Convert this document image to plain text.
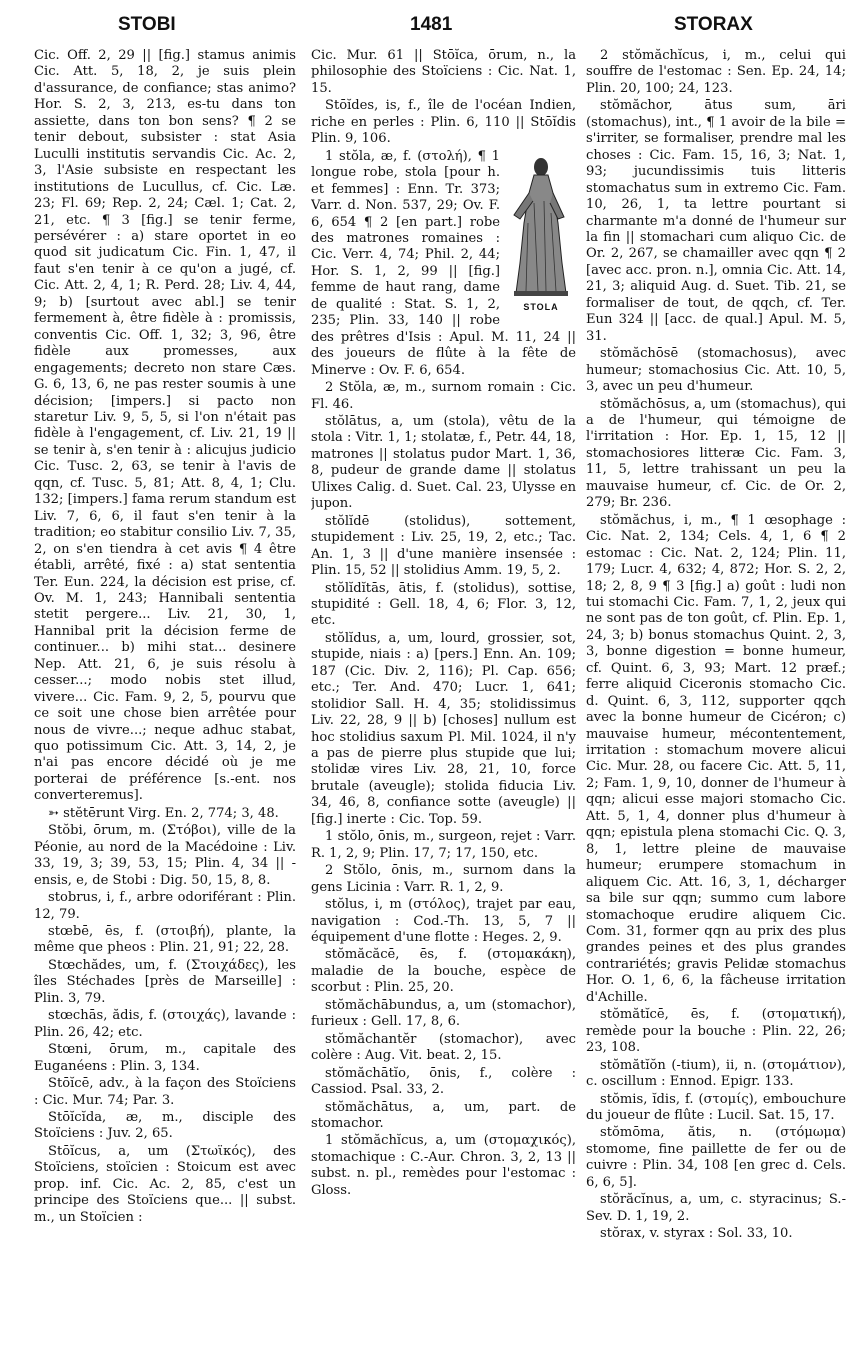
STOBI	1481	STORAX

Cic. Off. 2, 29 || [fig.] stamus animis Cic. Att. 5, 18, 2, je suis plein d'assurance, de confiance; stas animo? Hor. S. 2, 3, 213, es-tu dans ton assiette, dans ton bon sens? ¶ 2 se tenir debout, subsister : stat Asia Luculli institutis servandis Cic. Ac. 2, 3, l'Asie subsiste en respectant les institutions de Lucullus, cf. Cic. Læ. 23; Fl. 69; Rep. 2, 24; Cæl. 1; Cat. 2, 21, etc. ¶ 3 [fig.] se tenir ferme, persévérer : a) stare oportet in eo quod sit judicatum Cic. Fin. 1, 47, il faut s'en tenir à ce qu'on a jugé, cf. Cic. Att. 2, 4, 1; R. Perd. 28; Liv. 4, 44, 9; b) [surtout avec abl.] se tenir fermement à, être fidèle à : promissis, conventis Cic. Off. 1, 32; 3, 96, être fidèle aux promesses, aux engagements; decreto non stare Cæs. G. 6, 13, 6, ne pas rester soumis à une décision; [impers.] si pacto non staretur Liv. 9, 5, 5, si l'on n'était pas fidèle à l'engagement, cf. Liv. 21, 19 || se tenir à, s'en tenir à : alicujus judicio Cic. Tusc. 2, 63, se tenir à l'avis de qqn, cf. Tusc. 5, 81; Att. 8, 4, 1; Clu. 132; [impers.] fama rerum standum est Liv. 7, 6, 6, il faut s'en tenir à la tradition; eo stabitur consilio Liv. 7, 35, 2, on s'en tiendra à cet avis ¶ 4 être établi, arrêté, fixé : a) stat sententia Ter. Eun. 224, la décision est prise, cf. Ov. M. 1, 243; Hannibali sententia stetit pergere... Liv. 21, 30, 1, Hannibal prit la décision ferme de continuer... b) mihi stat... desinere Nep. Att. 21, 6, je suis résolu à cesser...; modo nobis stet illud, vivere... Cic. Fam. 9, 2, 5, pourvu que ce soit une chose bien arrêtée pour nous de vivre...; neque adhuc stabat, quo potissimum Cic. Att. 3, 14, 2, je n'ai pas encore décidé où je me porterai de préférence [s.-ent. nos converteremus].

➳ stĕtērunt Virg. En. 2, 774; 3, 48.

Stŏbi, ōrum, m. (Στόβοι), ville de la Péonie, au nord de la Macédoine : Liv. 33, 19, 3; 39, 53, 15; Plin. 4, 34 || -ensis, e, de Stobi : Dig. 50, 15, 8, 8.

stobrus, i, f., arbre odoriférant : Plin. 12, 79.

stœbē, ēs, f. (στοιβή), plante, la même que pheos : Plin. 21, 91; 22, 28.

Stœchădes, um, f. (Στοιχάδες), les îles Stéchades [près de Marseille] : Plin. 3, 79.

stœchās, ădis, f. (στοιχάς), lavande : Plin. 26, 42; etc.

Stœni, ōrum, m., capitale des Euganéens : Plin. 3, 134.

Stōĭcē, adv., à la façon des Stoïciens : Cic. Mur. 74; Par. 3.

Stōĭcĭda, æ, m., disciple des Stoïciens : Juv. 2, 65.

Stōĭcus, a, um (Στωϊκός), des Stoïciens, stoïcien : Stoicum est avec prop. inf. Cic. Ac. 2, 85, c'est un principe des Stoïciens que... || subst. m., un Stoïcien :

Cic. Mur. 61 || Stōĭca, ōrum, n., la philosophie des Stoïciens : Cic. Nat. 1, 15.

Stōĭdes, is, f., île de l'océan Indien, riche en perles : Plin. 6, 110 || Stōĭdis Plin. 9, 106.

STOLA

1 stŏla, æ, f. (στολή), ¶ 1 longue robe, stola [pour h. et femmes] : Enn. Tr. 373; Varr. d. Non. 537, 29; Ov. F. 6, 654 ¶ 2 [en part.] robe des matrones romaines : Cic. Verr. 4, 74; Phil. 2, 44; Hor. S. 1, 2, 99 || [fig.] femme de haut rang, dame de qualité : Stat. S. 1, 2, 235; Plin. 33, 140 || robe des prêtres d'Isis : Apul. M. 11, 24 || des joueurs de flûte à la fête de Minerve : Ov. F. 6, 654.

2 Stŏla, æ, m., surnom romain : Cic. Fl. 46.

stŏlātus, a, um (stola), vêtu de la stola : Vitr. 1, 1; stolatæ, f., Petr. 44, 18, matrones || stolatus pudor Mart. 1, 36, 8, pudeur de grande dame || stolatus Ulixes Calig. d. Suet. Cal. 23, Ulysse en jupon.

stŏlĭdē (stolidus), sottement, stupidement : Liv. 25, 19, 2, etc.; Tac. An. 1, 3 || d'une manière insensée : Plin. 15, 52 || stolidius Amm. 19, 5, 2.

stŏlĭdĭtās, ātis, f. (stolidus), sottise, stupidité : Gell. 18, 4, 6; Flor. 3, 12, etc.

stŏlĭdus, a, um, lourd, grossier, sot, stupide, niais : a) [pers.] Enn. An. 109; 187 (Cic. Div. 2, 116); Pl. Cap. 656; etc.; Ter. And. 470; Lucr. 1, 641; stolidior Sall. H. 4, 35; stolidissimus Liv. 22, 28, 9 || b) [choses] nullum est hoc stolidius saxum Pl. Mil. 1024, il n'y a pas de pierre plus stupide que lui; stolidæ vires Liv. 28, 21, 10, force brutale (aveugle); stolida fiducia Liv. 34, 46, 8, confiance sotte (aveugle) || [fig.] inerte : Cic. Top. 59.

1 stŏlo, ōnis, m., surgeon, rejet : Varr. R. 1, 2, 9; Plin. 17, 7; 17, 150, etc.

2 Stŏlo, ōnis, m., surnom dans la gens Licinia : Varr. R. 1, 2, 9.

stŏlus, i, m (στόλος), trajet par eau, navigation : Cod.-Th. 13, 5, 7 || équipement d'une flotte : Heges. 2, 9.

stŏmăcăcē, ēs, f. (στομακάκη), maladie de la bouche, espèce de scorbut : Plin. 25, 20.

stŏmăchābundus, a, um (stomachor), furieux : Gell. 17, 8, 6.

stŏmăchantĕr (stomachor), avec colère : Aug. Vit. beat. 2, 15.

stŏmăchātĭo, ōnis, f., colère : Cassiod. Psal. 33, 2.

stŏmăchātus, a, um, part. de stomachor.

1 stŏmăchĭcus, a, um (στομαχικός), stomachique : C.-Aur. Chron. 3, 2, 13 || subst. n. pl., remèdes pour l'estomac : Gloss.

2 stŏmăchĭcus, i, m., celui qui souffre de l'estomac : Sen. Ep. 24, 14; Plin. 20, 100; 24, 123.

stŏmăchor, ātus sum, āri (stomachus), int., ¶ 1 avoir de la bile = s'irriter, se formaliser, prendre mal les choses : Cic. Fam. 15, 16, 3; Nat. 1, 93; jucundissimis tuis litteris stomachatus sum in extremo Cic. Fam. 10, 26, 1, ta lettre pourtant si charmante m'a donné de l'humeur sur la fin || stomachari cum aliquo Cic. de Or. 2, 267, se chamailler avec qqn ¶ 2 [avec acc. pron. n.], omnia Cic. Att. 14, 21, 3; aliquid Aug. d. Suet. Tib. 21, se formaliser de tout, de qqch, cf. Ter. Eun 324 || [acc. de qual.] Apul. M. 5, 31.

stŏmăchōsē (stomachosus), avec humeur; stomachosius Cic. Att. 10, 5, 3, avec un peu d'humeur.

stŏmăchōsus, a, um (stomachus), qui a de l'humeur, qui témoigne de l'irritation : Hor. Ep. 1, 15, 12 || stomachosiores litteræ Cic. Fam. 3, 11, 5, lettre trahissant un peu la mauvaise humeur, cf. Cic. de Or. 2, 279; Br. 236.

stŏmăchus, i, m., ¶ 1 œsophage : Cic. Nat. 2, 134; Cels. 4, 1, 6 ¶ 2 estomac : Cic. Nat. 2, 124; Plin. 11, 179; Lucr. 4, 632; 4, 872; Hor. S. 2, 2, 18; 2, 8, 9 ¶ 3 [fig.] a) goût : ludi non tui stomachi Cic. Fam. 7, 1, 2, jeux qui ne sont pas de ton goût, cf. Plin. Ep. 1, 24, 3; b) bonus stomachus Quint. 2, 3, 3, bonne digestion = bonne humeur, cf. Quint. 6, 3, 93; Mart. 12 præf.; ferre aliquid Ciceronis stomacho Cic. d. Quint. 6, 3, 112, supporter qqch avec la bonne humeur de Cicéron; c) mauvaise humeur, mécontentement, irritation : stomachum movere alicui Cic. Mur. 28, ou facere Cic. Att. 5, 11, 2; Fam. 1, 9, 10, donner de l'humeur à qqn; alicui esse majori stomacho Cic. Att. 5, 1, 4, donner plus d'humeur à qqn; epistula plena stomachi Cic. Q. 3, 8, 1, lettre pleine de mauvaise humeur; erumpere stomachum in aliquem Cic. Att. 16, 3, 1, décharger sa bile sur qqn; summo cum labore stomachoque erudire aliquem Cic. Com. 31, former qqn au prix des plus grandes peines et des plus grandes contrariétés; gravis Pelidæ stomachus Hor. O. 1, 6, 6, la fâcheuse irritation d'Achille.

stŏmătĭcē, ēs, f. (στοματική), remède pour la bouche : Plin. 22, 26; 23, 108.

stŏmătĭŏn (-tium), ii, n. (στομάτιον), c. oscillum : Ennod. Epigr. 133.

stŏmis, ĭdis, f. (στομίς), embouchure du joueur de flûte : Lucil. Sat. 15, 17.

stŏmōma, ătis, n. (στόμωμα) stomome, fine paillette de fer ou de cuivre : Plin. 34, 108 [en grec d. Cels. 6, 6, 5].

stŏrăcĭnus, a, um, c. styracinus; S.-Sev. D. 1, 19, 2.

stŏrax, v. styrax : Sol. 33, 10.
